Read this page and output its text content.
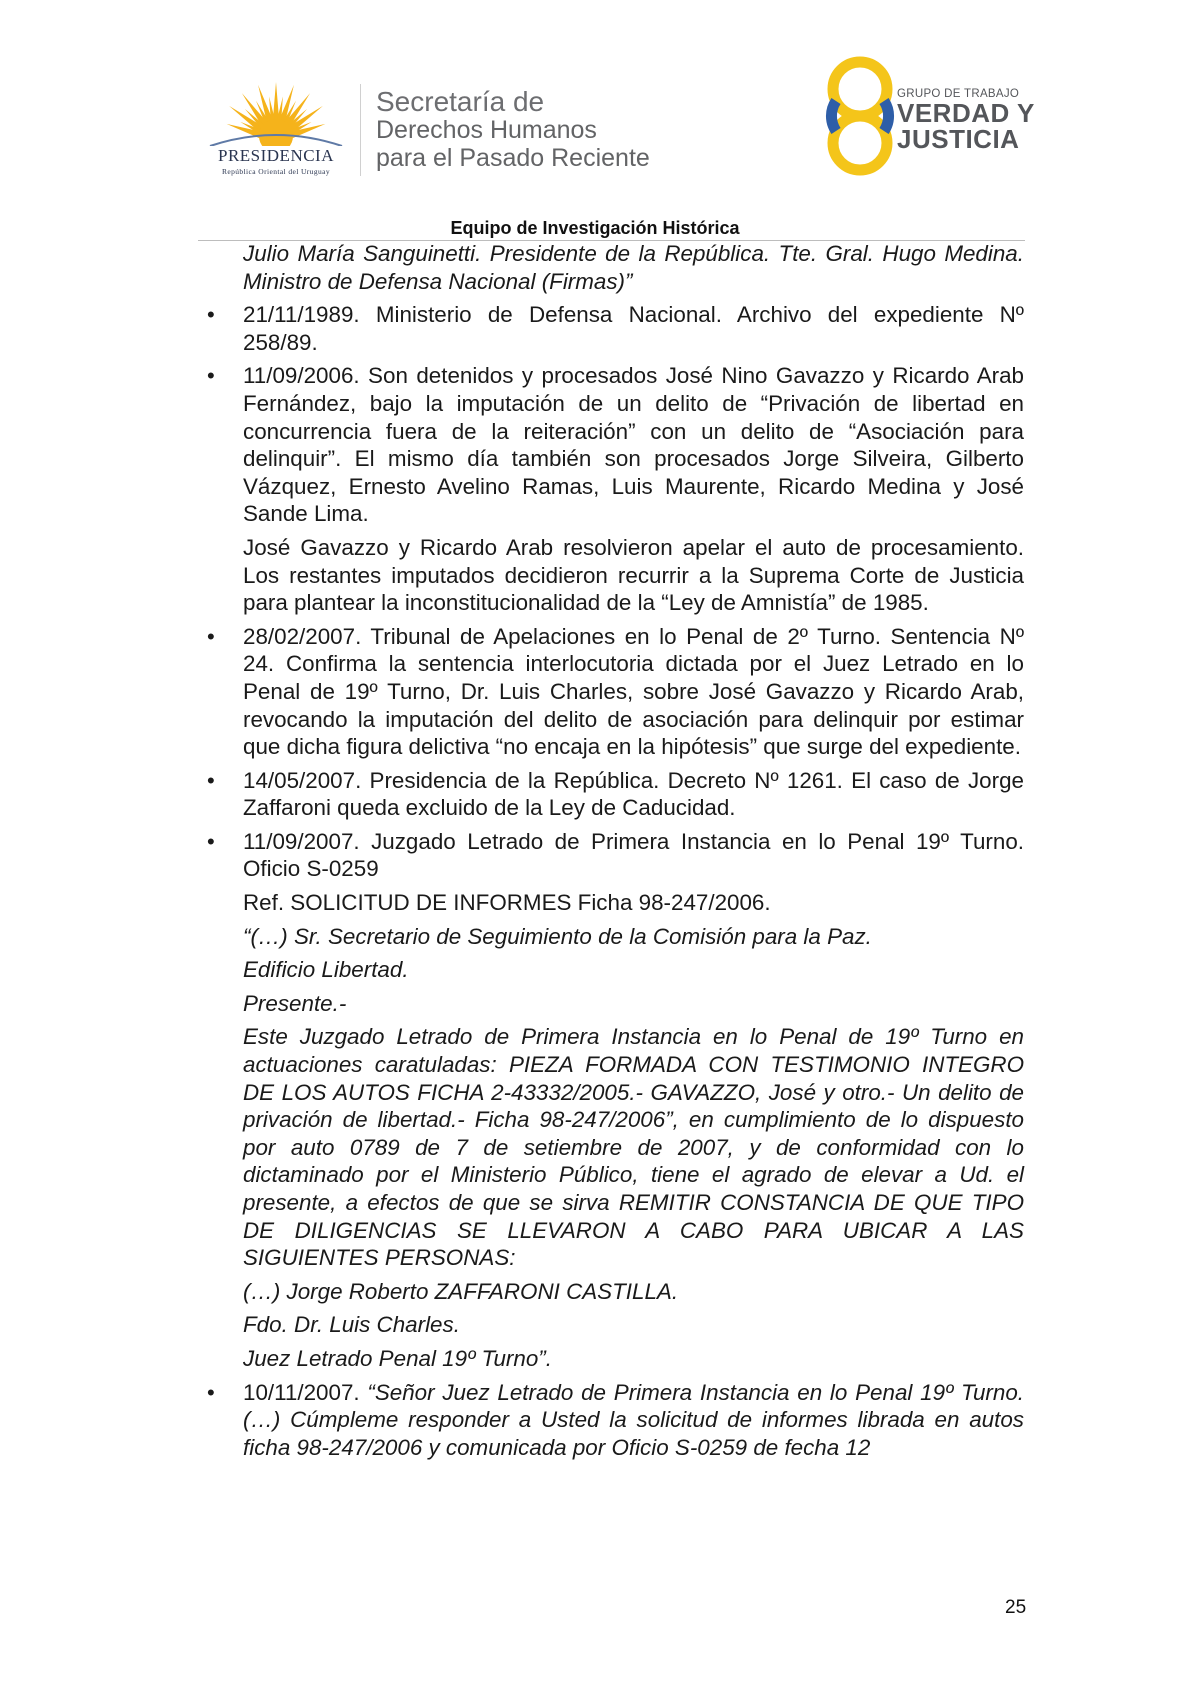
PRESIDENCIA
República Oriental del Uruguay
Secretaría de
Derechos Humanos
para el Pasado Reciente
GRUPO DE TRABAJO
VERDAD Y
JUSTICIA
Equipo de Investigación Histórica

Julio María Sanguinetti. Presidente de la República. Tte. Gral. Hugo Medina. Ministro de Defensa Nacional (Firmas)”

• 21/11/1989. Ministerio de Defensa Nacional. Archivo del expediente Nº 258/89.

• 11/09/2006. Son detenidos y procesados José Nino Gavazzo y Ricardo Arab Fernández, bajo la imputación de un delito de “Privación de libertad en concurrencia fuera de la reiteración” con un delito de “Asociación para delinquir”. El mismo día también son procesados Jorge Silveira, Gilberto Vázquez, Ernesto Avelino Ramas, Luis Maurente, Ricardo Medina y José Sande Lima.

José Gavazzo y Ricardo Arab resolvieron apelar el auto de procesamiento. Los restantes imputados decidieron recurrir a la Suprema Corte de Justicia para plantear la inconstitucionalidad de la “Ley de Amnistía” de 1985.

• 28/02/2007. Tribunal de Apelaciones en lo Penal de 2º Turno. Sentencia Nº 24. Confirma la sentencia interlocutoria dictada por el Juez Letrado en lo Penal de 19º Turno, Dr. Luis Charles, sobre José Gavazzo y Ricardo Arab, revocando la imputación del delito de asociación para delinquir por estimar que dicha figura delictiva “no encaja en la hipótesis” que surge del expediente.

• 14/05/2007. Presidencia de la República. Decreto Nº 1261. El caso de Jorge Zaffaroni queda excluido de la Ley de Caducidad.

• 11/09/2007. Juzgado Letrado de Primera Instancia en lo Penal 19º Turno. Oficio S-0259

Ref. SOLICITUD DE INFORMES Ficha 98-247/2006.

“(…) Sr. Secretario de Seguimiento de la Comisión para la Paz.

Edificio Libertad.

Presente.-

Este Juzgado Letrado de Primera Instancia en lo Penal de 19º Turno en actuaciones caratuladas: PIEZA FORMADA CON TESTIMONIO INTEGRO DE LOS AUTOS FICHA 2-43332/2005.- GAVAZZO, José y otro.- Un delito de privación de libertad.- Ficha 98-247/2006”, en cumplimiento de lo dispuesto por auto 0789 de 7 de setiembre de 2007, y de conformidad con lo dictaminado por el Ministerio Público, tiene el agrado de elevar a Ud. el presente, a efectos de que se sirva REMITIR CONSTANCIA DE QUE TIPO DE DILIGENCIAS SE LLEVARON A CABO PARA UBICAR A LAS SIGUIENTES PERSONAS:

(…) Jorge Roberto ZAFFARONI CASTILLA.

Fdo. Dr. Luis Charles.

Juez Letrado Penal 19º Turno”.

• 10/11/2007. “Señor Juez Letrado de Primera Instancia en lo Penal 19º Turno. (…) Cúmpleme responder a Usted la solicitud de informes librada en autos ficha 98-247/2006 y comunicada por Oficio S-0259 de fecha 12

25
